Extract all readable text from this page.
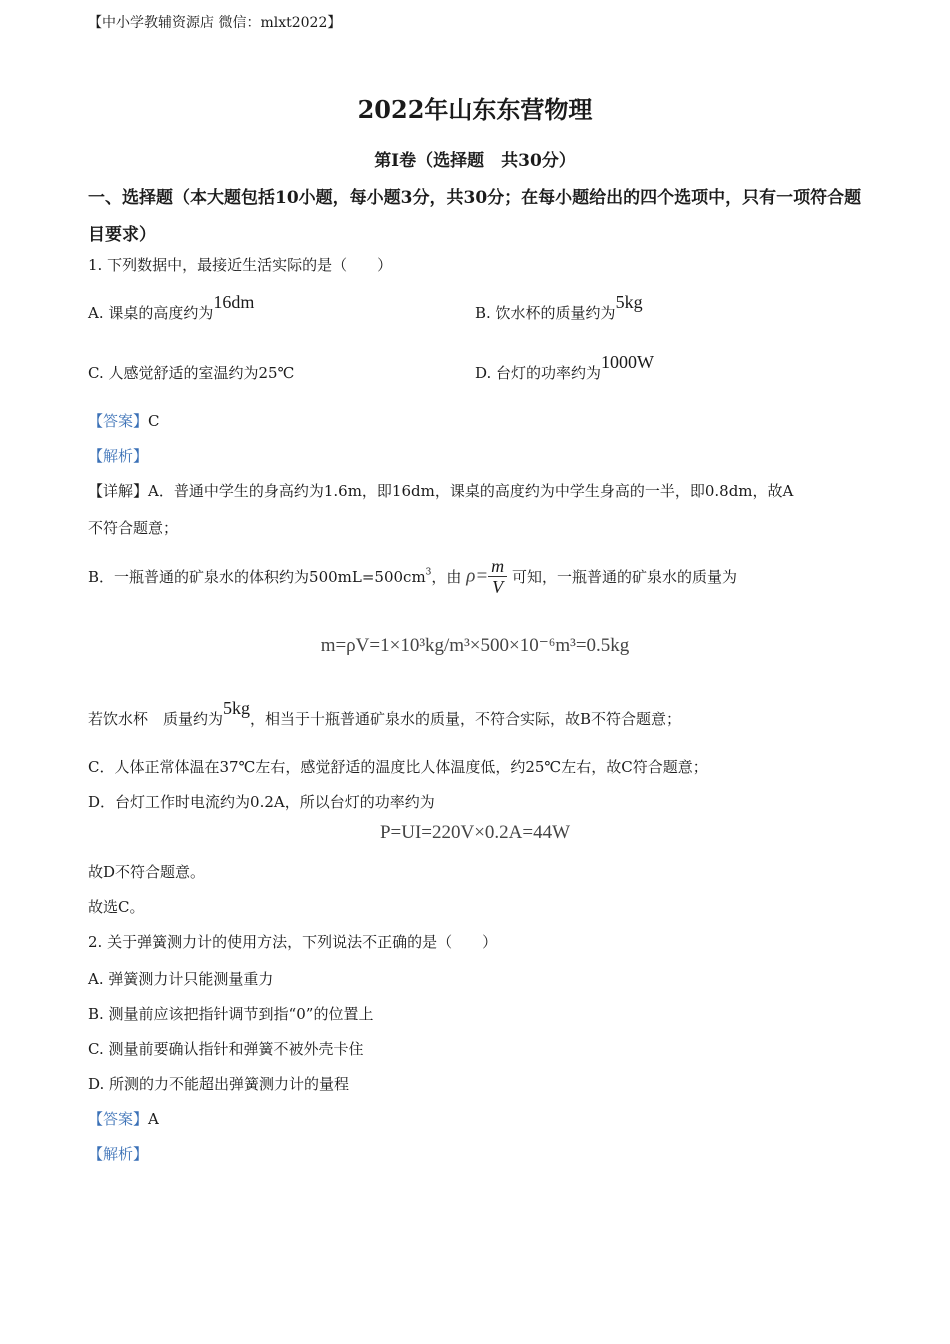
【中小学教辅资源店 微信：mlxt2022】
2022年山东东营物理
第Ⅰ卷（选择题　共30分）
一、选择题（本大题包括10小题，每小题3分，共30分；在每小题给出的四个选项中，只有一项符合题目要求）
1. 下列数据中，最接近生活实际的是（　　）
A. 课桌的高度约为16dm
B. 饮水杯的质量约为5kg
C. 人感觉舒适的室温约为25℃	D. 台灯的功率约为1000W
【答案】C
【解析】
【详解】A．普通中学生的身高约为1.6m，即16dm，课桌的高度约为中学生身高的一半，即0.8dm，故A
不符合题意；
B．一瓶普通的矿泉水的体积约为$500mL=500cm^3$，由 $\rho= \frac{m}{V}$ 可知，一瓶普通的矿泉水的质量为
m=ρV=1×10³kg/m³×500×10⁻⁶m³=0.5kg
若饮水杯　质量约为5kg，相当于十瓶普通矿泉水的质量，不符合实际，故B不符合题意；
C．人体正常体温在37℃左右，感觉舒适的温度比人体温度低，约25℃左右，故C符合题意；
D．台灯工作时电流约为0.2A，所以台灯的功率约为
P=UI=220V×0.2A=44W
故D不符合题意。
故选C。
2. 关于弹簧测力计的使用方法，下列说法不正确的是（　　）
A. 弹簧测力计只能测量重力
B. 测量前应该把指针调节到指“0”的位置上
C. 测量前要确认指针和弹簧不被外壳卡住
D. 所测的力不能超出弹簧测力计的量程
【答案】A
【解析】
